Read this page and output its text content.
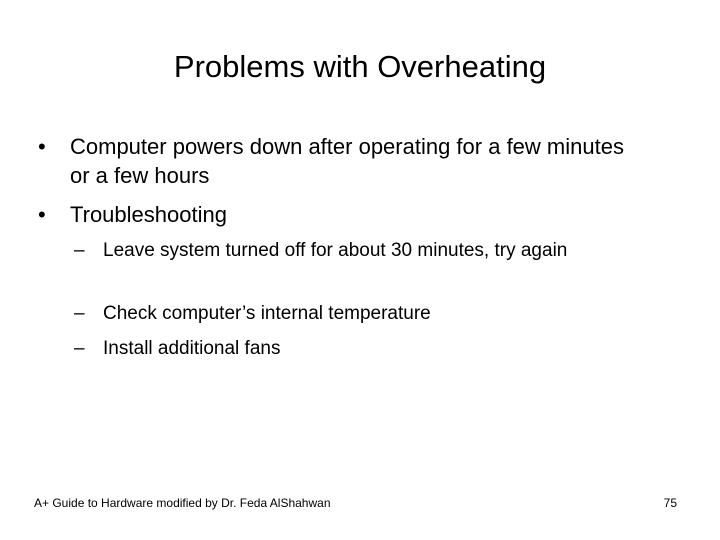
Problems with Overheating
•	Computer powers down after operating for a few minutes or a few hours
•	Troubleshooting
– Leave system turned off for about 30 minutes, try again
– Check computer’s internal temperature
– Install additional fans
A+ Guide to Hardware modified by Dr. Feda AlShahwan	75
